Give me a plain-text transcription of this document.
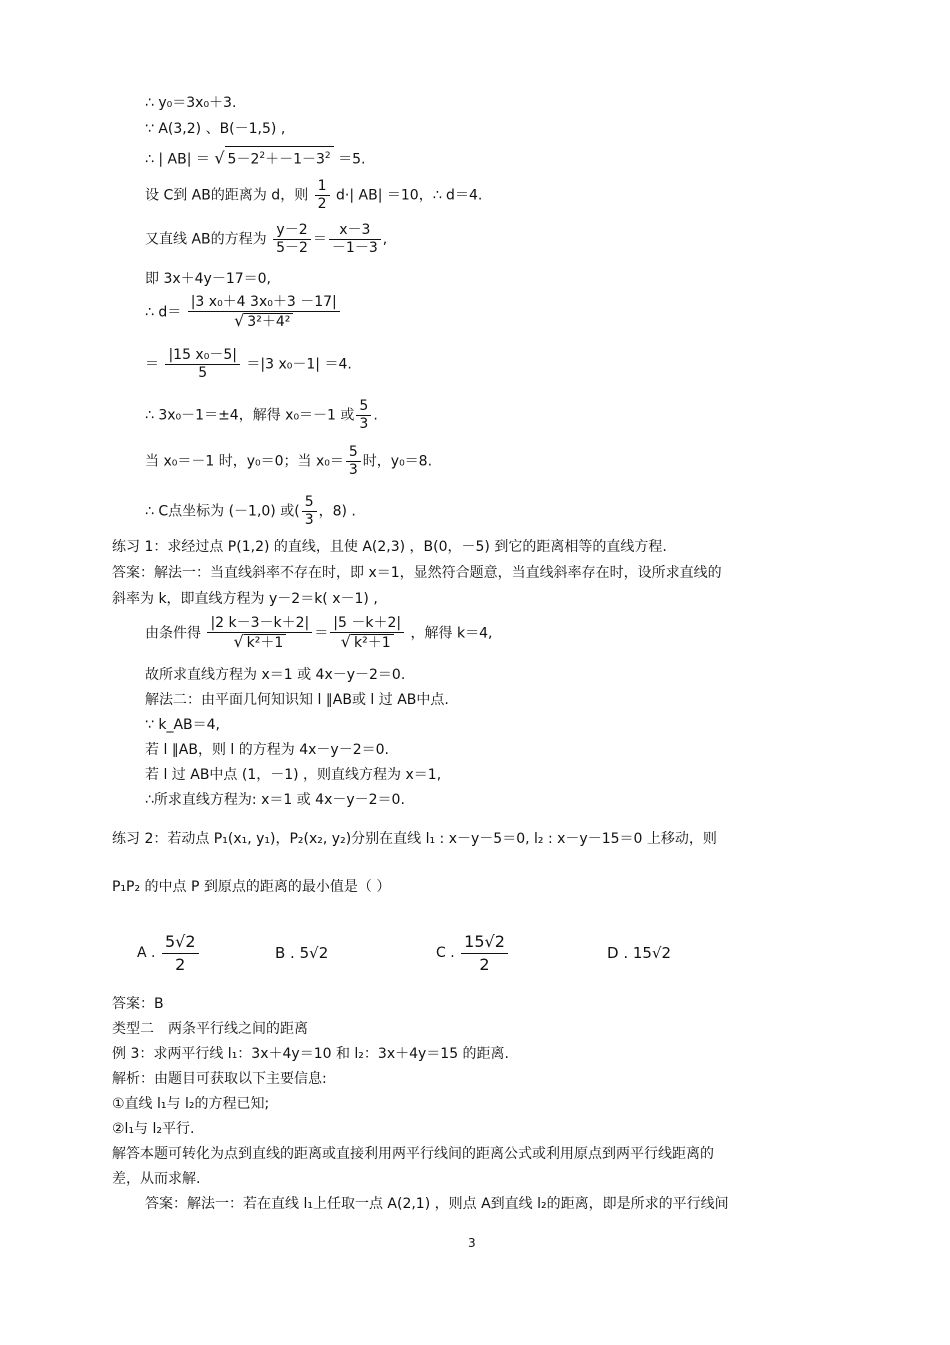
∴ y₀＝3x₀＋3.
∵ A(3,2) 、B(－1,5) ,
∴ | AB| ＝ √ $5-2^2+-1-3^2 =5$.
设 C到 AB的距离为 d，则 $\frac{1}{2} d\cdot|$ AB| ＝10，∴ d＝4.
又直线 AB的方程为 $\frac{y-2}{5-2} = \frac{x-3}{-1-3}$ ,
即 3x＋4y－17＝0,
∴ $d= \frac{\text{|3 x₀＋4 3x₀＋3 －17|}}{\text{√ 3²＋4²}}$
＝ $\frac{\text{|15 x₀－5|}}{5} =|3$ x₀－1| ＝4.
∴ 3x₀－1＝±4，解得 x₀＝－1 或 $\frac{5}{3}$ .
当 x₀＝－1 时，y₀＝0；当 $x_0= \frac{5}{3}$ 时，y₀＝8.
∴ C点坐标为 (－1,0) 或( $\frac{5}{3}$ ，8) .
练习 1：求经过点 P(1,2) 的直线，且使 A(2,3) ，B(0，－5) 到它的距离相等的直线方程.
答案：解法一：当直线斜率不存在时，即 x＝1，显然符合题意，当直线斜率存在时，设所求直线的
斜率为 k，即直线方程为 y－2＝k( x－1) ,
由条件得 $\frac{|2 k-3-k+2|}{\text{√ k²＋1}} = \frac{|5 -k+2|}{\text{√ k²＋1}}$ ，解得 k＝4,
故所求直线方程为 x＝1 或 4x－y－2＝0.
解法二：由平面几何知识知 l ∥AB或 l 过 AB中点.
∵ k_AB＝4,
若 l ∥AB，则 l 的方程为 4x－y－2＝0.
若 l 过 AB中点 (1，－1) ，则直线方程为 x＝1,
∴所求直线方程为: x＝1 或 4x－y－2＝0.
练习 2：若动点 P₁(x₁, y₁)，P₂(x₂, y₂)分别在直线 l₁ : x－y－5＝0, l₂ : x－y－15＝0 上移动，则
P₁P₂ 的中点 P 到原点的距离的最小值是（ ）
A . $\frac{5√2}{2}$	B . 5√2	C . $\frac{15√2}{2}$	D . 15√2
答案：B
类型二　两条平行线之间的距离
例 3：求两平行线 l₁：3x＋4y＝10 和 l₂：3x＋4y＝15 的距离.
解析：由题目可获取以下主要信息:
①直线 l₁与 l₂的方程已知;
②l₁与 l₂平行.
解答本题可转化为点到直线的距离或直接利用两平行线间的距离公式或利用原点到两平行线距离的
差，从而求解.
答案：解法一：若在直线 l₁上任取一点 A(2,1) ，则点 A到直线 l₂的距离，即是所求的平行线间
3
